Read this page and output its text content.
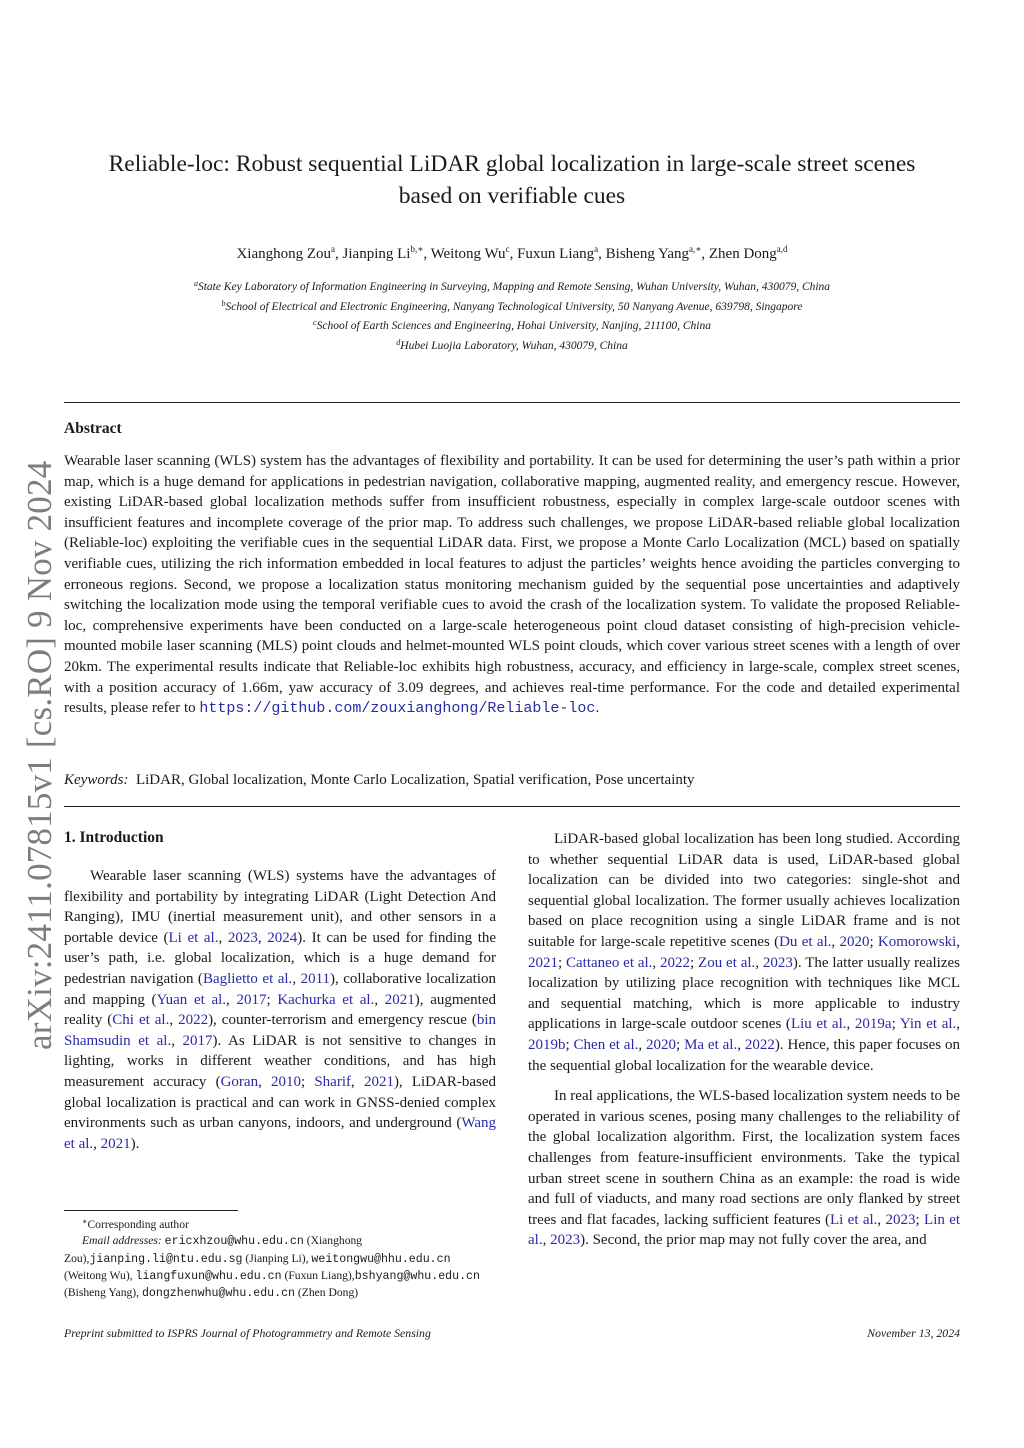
arXiv:2411.07815v1 [cs.RO] 9 Nov 2024
Reliable-loc: Robust sequential LiDAR global localization in large-scale street scenes
based on verifiable cues
Xianghong Zou$^a$, Jianping $Li^{b,∗}$, Weitong Wu$^c$, Fuxun Liang$^a$, Bisheng Yang$^{a,∗}$, Zhen Dong$^{a,d}$
$^a$State Key Laboratory of Information Engineering in Surveying, Mapping and Remote Sensing, Wuhan University, Wuhan, 430079, China
$^b$School of Electrical and Electronic Engineering, Nanyang Technological University, 50 Nanyang Avenue, 639798, Singapore
$^c$School of Earth Sciences and Engineering, Hohai University, Nanjing, 211100, China
$^d$Hubei Luojia Laboratory, Wuhan, 430079, China
Abstract
Wearable laser scanning (WLS) system has the advantages of flexibility and portability. It can be used for determining the user’s path within a prior map, which is a huge demand for applications in pedestrian navigation, collaborative mapping, augmented reality, and emergency rescue. However, existing LiDAR-based global localization methods suffer from insufficient robustness, especially in complex large-scale outdoor scenes with insufficient features and incomplete coverage of the prior map. To address such challenges, we propose LiDAR-based reliable global localization (Reliable-loc) exploiting the verifiable cues in the sequential LiDAR data. First, we propose a Monte Carlo Localization (MCL) based on spatially verifiable cues, utilizing the rich information embedded in local features to adjust the particles’ weights hence avoiding the particles converging to erroneous regions. Second, we propose a localization status monitoring mechanism guided by the sequential pose uncertainties and adaptively switching the localization mode using the temporal verifiable cues to avoid the crash of the localization system. To validate the proposed Reliable-loc, comprehensive experiments have been conducted on a large-scale heterogeneous point cloud dataset consisting of high-precision vehicle-mounted mobile laser scanning (MLS) point clouds and helmet-mounted WLS point clouds, which cover various street scenes with a length of over 20km. The experimental results indicate that Reliable-loc exhibits high robustness, accuracy, and efficiency in large-scale, complex street scenes, with a position accuracy of 1.66m, yaw accuracy of 3.09 degrees, and achieves real-time performance. For the code and detailed experimental results, please refer to https://github.com/zouxianghong/Reliable-loc.
Keywords: LiDAR, Global localization, Monte Carlo Localization, Spatial verification, Pose uncertainty
1. Introduction

Wearable laser scanning (WLS) systems have the advantages of flexibility and portability by integrating LiDAR (Light Detection And Ranging), IMU (inertial measurement unit), and other sensors in a portable device (Li et al., 2023, 2024). It can be used for finding the user’s path, i.e. global localization, which is a huge demand for pedestrian navigation (Baglietto et al., 2011), collaborative localization and mapping (Yuan et al., 2017; Kachurka et al., 2021), augmented reality (Chi et al., 2022), counter-terrorism and emergency rescue (bin Shamsudin et al., 2017). As LiDAR is not sensitive to changes in lighting, works in different weather conditions, and has high measurement accuracy (Goran, 2010; Sharif, 2021), LiDAR-based global localization is practical and can work in GNSS-denied complex environments such as urban canyons, indoors, and underground (Wang et al., 2021).

LiDAR-based global localization has been long studied. According to whether sequential LiDAR data is used, LiDAR-based global localization can be divided into two categories: single-shot and sequential global localization. The former usually achieves localization based on place recognition using a single LiDAR frame and is not suitable for large-scale repetitive scenes (Du et al., 2020; Komorowski, 2021; Cattaneo et al., 2022; Zou et al., 2023). The latter usually realizes localization by utilizing place recognition with techniques like MCL and sequential matching, which is more applicable to industry applications in large-scale outdoor scenes (Liu et al., 2019a; Yin et al., 2019b; Chen et al., 2020; Ma et al., 2022). Hence, this paper focuses on the sequential global localization for the wearable device.

In real applications, the WLS-based localization system needs to be operated in various scenes, posing many challenges to the reliability of the global localization algorithm. First, the localization system faces challenges from feature-insufficient environments. Take the typical urban street scene in southern China as an example: the road is wide and full of viaducts, and many road sections are only flanked by street trees and flat facades, lacking sufficient features (Li et al., 2023; Lin et al., 2023). Second, the prior map may not fully cover the area, and

∗Corresponding author
Email addresses: ericxhzou@whu.edu.cn (Xianghong Zou),jianping.li@ntu.edu.sg (Jianping Li), weitongwu@hhu.edu.cn (Weitong Wu), liangfuxun@whu.edu.cn (Fuxun Liang),bshyang@whu.edu.cn (Bisheng Yang), dongzhenwhu@whu.edu.cn (Zhen Dong)
Preprint submitted to ISPRS Journal of Photogrammetry and Remote Sensing	November 13, 2024
